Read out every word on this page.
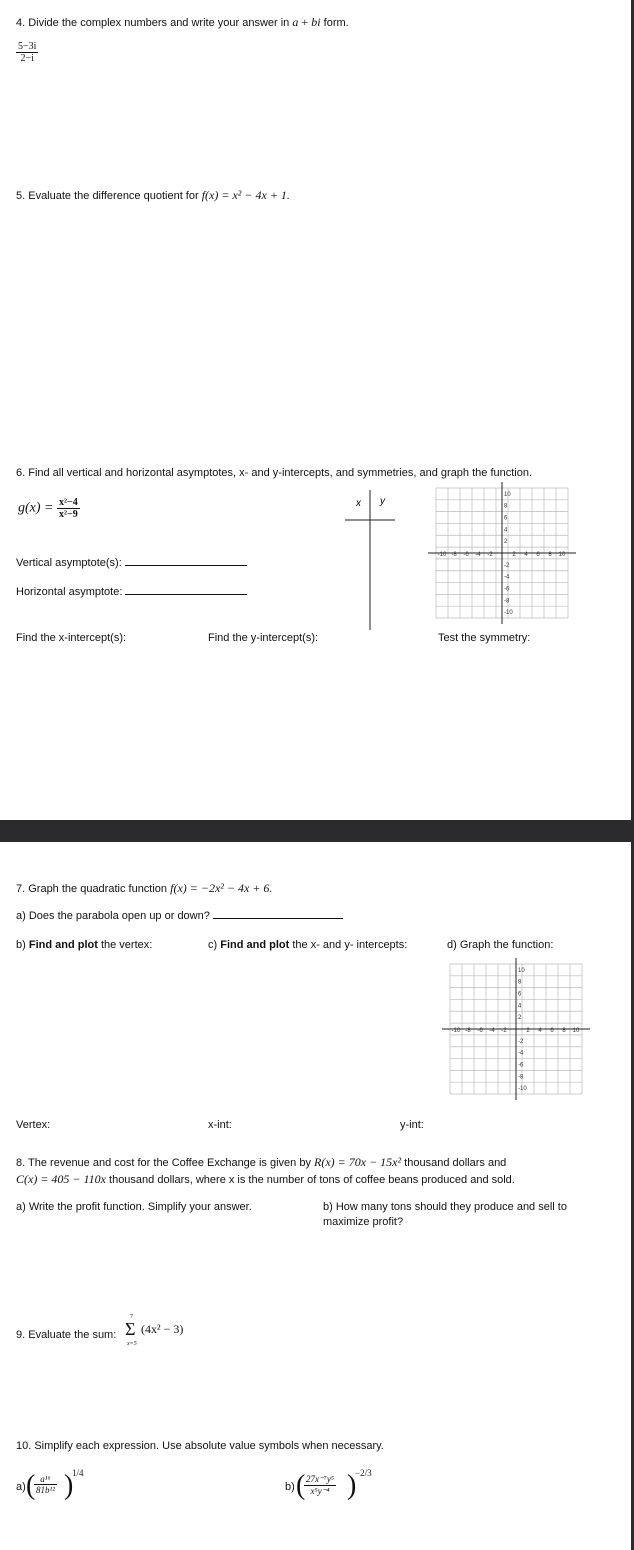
4. Divide the complex numbers and write your answer in a + bi form.
$\frac{5-3i}{2-i}$
5. Evaluate the difference quotient for f(x) = x² − 4x + 1.
6. Find all vertical and horizontal asymptotes, x- and y-intercepts, and symmetries, and graph the function.
$g(x) = \frac{\text{x²−4}}{\text{x²−9}}$	x y
Vertical asymptote(s):
Horizontal asymptote:
Find the x-intercept(s):	Find the y-intercept(s):	Test the symmetry:
-10 -8 -6 -4 -2	2 4 6 8 10
10
8
6
4
2
-2
-4
-6
-8
-10
7. Graph the quadratic function f(x) = −2x² − 4x + 6.
a) Does the parabola open up or down?
b) Find and plot the vertex:	c) Find and plot the x- and y- intercepts:	d) Graph the function:
-10 -8 -6 -4 -2	2 4 6 8 10
10
8
6
4
2
-2
-4
-6
-8
-10
Vertex:	x-int:	y-int:
8. The revenue and cost for the Coffee Exchange is given by R(x) = 70x − 15x² thousand dollars and
C(x) = 405 − 110x thousand dollars, where x is the number of tons of coffee beans produced and sold.
a) Write the profit function. Simplify your answer.	b) How many tons should they produce and sell to
maximize profit?
9. Evaluate the sum:
7
Σ
x=5
(4x² − 3)
10. Simplify each expression. Use absolute value symbols when necessary.
a) (
$\frac{\text{a¹⁶}}{\text{81b¹²}}$ )
1/4
b) (
$\frac{\text{27x⁻⁷y⁵}}{\text{x⁵y⁻⁴}}$ )
−2/3
